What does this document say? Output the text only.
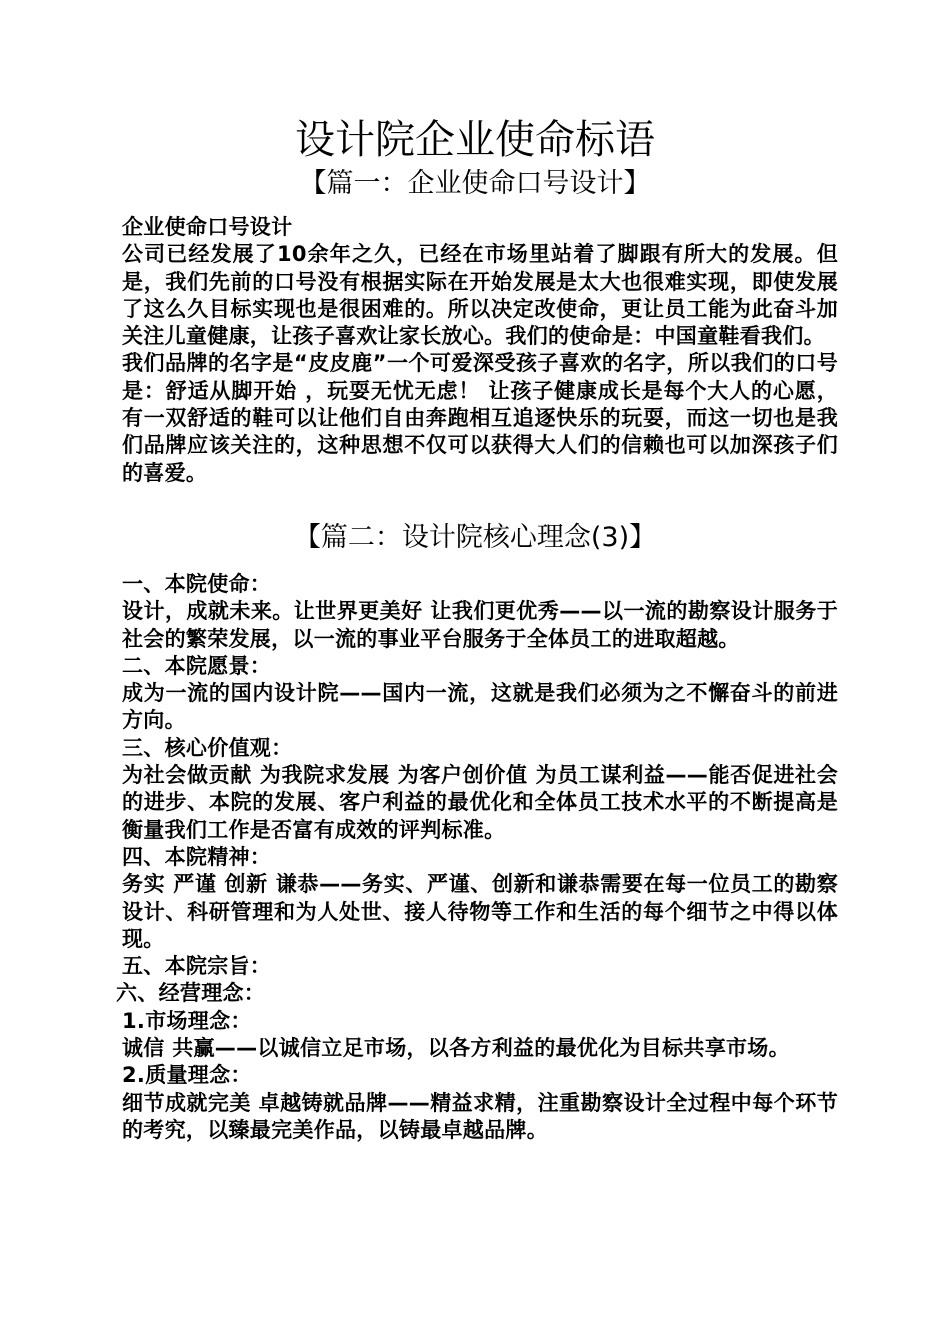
设计院企业使命标语
【篇一：企业使命口号设计】

企业使命口号设计

公司已经发展了10余年之久，已经在市场里站着了脚跟有所大的发展。但是，我们先前的口号没有根据实际在开始发展是太大也很难实现，即使发展了这么久目标实现也是很困难的。所以决定改使命，更让员工能为此奋斗加关注儿童健康，让孩子喜欢让家长放心。我们的使命是：中国童鞋看我们。

我们品牌的名字是“皮皮鹿”一个可爱深受孩子喜欢的名字，所以我们的口号是：舒适从脚开始 ，玩耍无忧无虑！ 让孩子健康成长是每个大人的心愿，有一双舒适的鞋可以让他们自由奔跑相互追逐快乐的玩耍，而这一切也是我们品牌应该关注的，这种思想不仅可以获得大人们的信赖也可以加深孩子们的喜爱。

【篇二：设计院核心理念(3)】

一、本院使命：

设计，成就未来。让世界更美好 让我们更优秀——以一流的勘察设计服务于社会的繁荣发展，以一流的事业平台服务于全体员工的进取超越。

二、本院愿景：

成为一流的国内设计院——国内一流，这就是我们必须为之不懈奋斗的前进方向。

三、核心价值观：

为社会做贡献 为我院求发展 为客户创价值 为员工谋利益——能否促进社会的进步、本院的发展、客户利益的最优化和全体员工技术水平的不断提高是衡量我们工作是否富有成效的评判标准。

四、本院精神：

务实 严谨 创新 谦恭——务实、严谨、创新和谦恭需要在每一位员工的勘察设计、科研管理和为人处世、接人待物等工作和生活的每个细节之中得以体现。

五、本院宗旨：

六、经营理念：

1.市场理念：

诚信 共赢——以诚信立足市场，以各方利益的最优化为目标共享市场。

2.质量理念：

细节成就完美 卓越铸就品牌——精益求精，注重勘察设计全过程中每个环节的考究，以臻最完美作品，以铸最卓越品牌。
